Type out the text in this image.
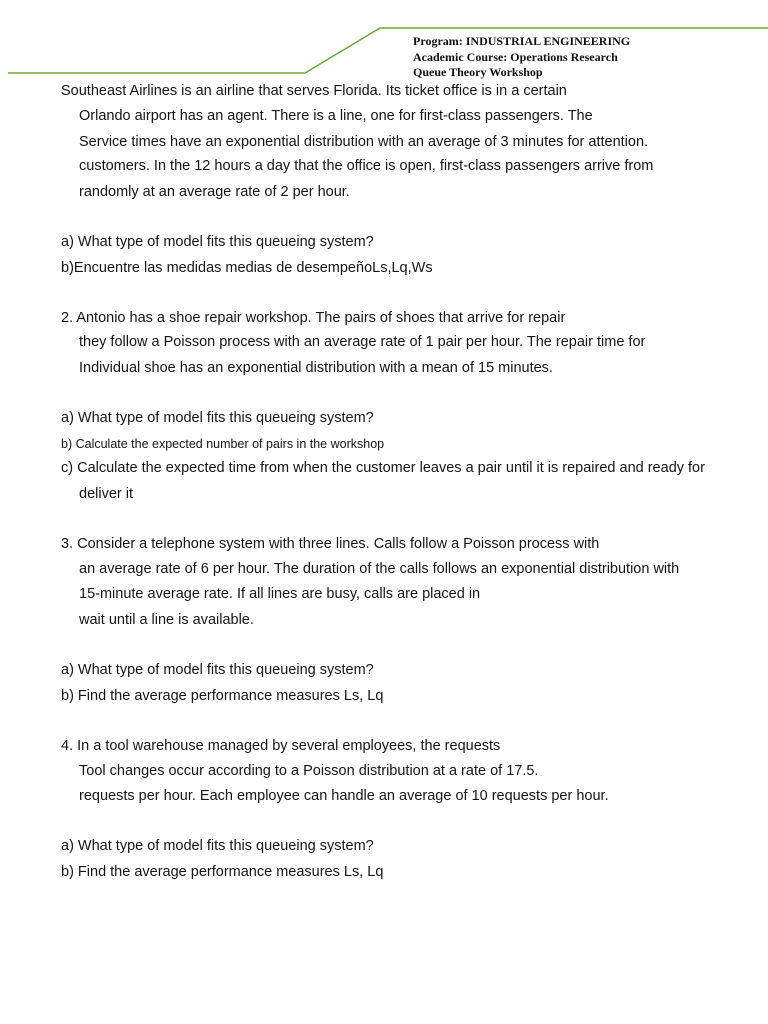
Program: INDUSTRIAL ENGINEERING
Academic Course: Operations Research
Queue Theory Workshop
Southeast Airlines is an airline that serves Florida. Its ticket office is in a certain
Orlando airport has an agent. There is a line, one for first-class passengers. The
Service times have an exponential distribution with an average of 3 minutes for attention.
customers. In the 12 hours a day that the office is open, first-class passengers arrive from
randomly at an average rate of 2 per hour.
a) What type of model fits this queueing system?
b)Encuentre las medidas medias de desempeñoLs,Lq,Ws
2. Antonio has a shoe repair workshop. The pairs of shoes that arrive for repair
they follow a Poisson process with an average rate of 1 pair per hour. The repair time for
Individual shoe has an exponential distribution with a mean of 15 minutes.
a) What type of model fits this queueing system?
b) Calculate the expected number of pairs in the workshop
c) Calculate the expected time from when the customer leaves a pair until it is repaired and ready for
deliver it
3. Consider a telephone system with three lines. Calls follow a Poisson process with
an average rate of 6 per hour. The duration of the calls follows an exponential distribution with
15-minute average rate. If all lines are busy, calls are placed in
wait until a line is available.
a) What type of model fits this queueing system?
b) Find the average performance measures Ls, Lq
4. In a tool warehouse managed by several employees, the requests
Tool changes occur according to a Poisson distribution at a rate of 17.5.
requests per hour. Each employee can handle an average of 10 requests per hour.
a) What type of model fits this queueing system?
b) Find the average performance measures Ls, Lq
